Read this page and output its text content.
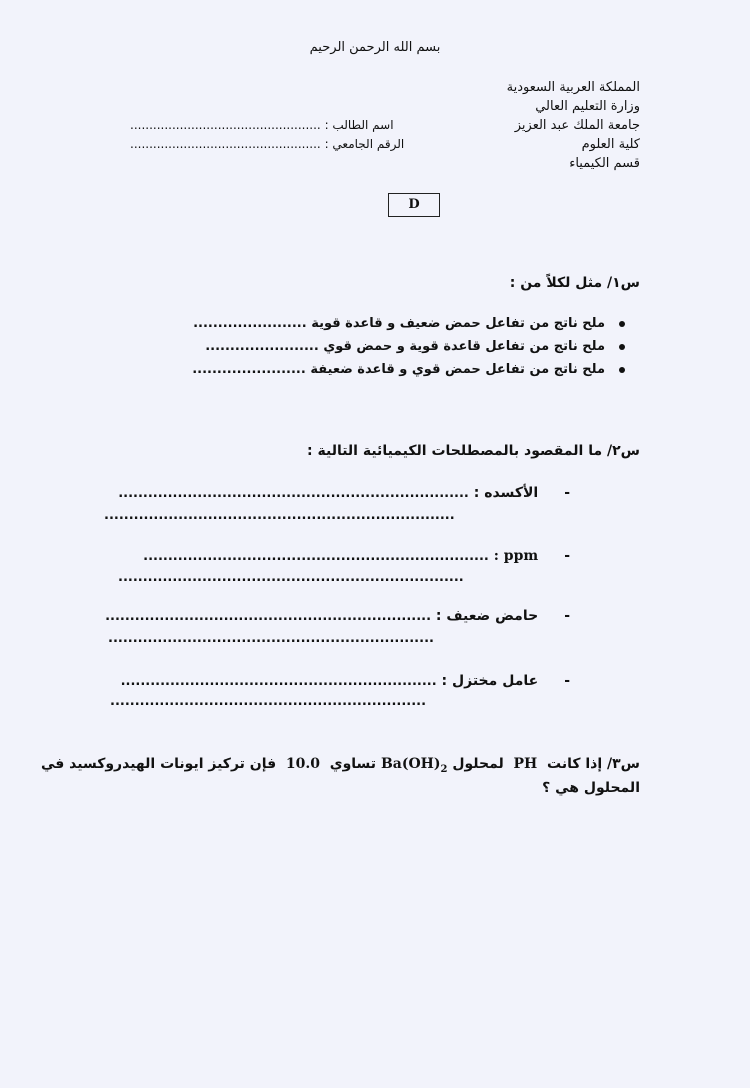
بسم الله الرحمن الرحيم
المملكة العربية السعودية
وزارة التعليم العالي
جامعة الملك عبد العزيز
كلية العلوم
قسم الكيمياء
اسم الطالب : ..................................................
الرقم الجامعي : ..................................................
D
س١/ مثل لكلاً من :
ملح ناتج من تفاعل حمض ضعيف و قاعدة قوية .......................
ملح ناتج من تفاعل قاعدة قوية و حمض قوي .......................
ملح ناتج من تفاعل حمض قوي و قاعدة ضعيفة .......................
س٢/ ما المقصود بالمصطلحات الكيميائية التالية :
-الأكسده : .......................................................................
.......................................................................
-ppm : ......................................................................
......................................................................
-حامض ضعيف : ..................................................................
..................................................................
-عامل مختزل : ................................................................
................................................................
س٣/ إذا كانت  PH  لمحلول $Ba(OH)_2$ تساوي  10.0  فإن تركيز ايونات الهيدروكسيد في
المحلول هي ؟
